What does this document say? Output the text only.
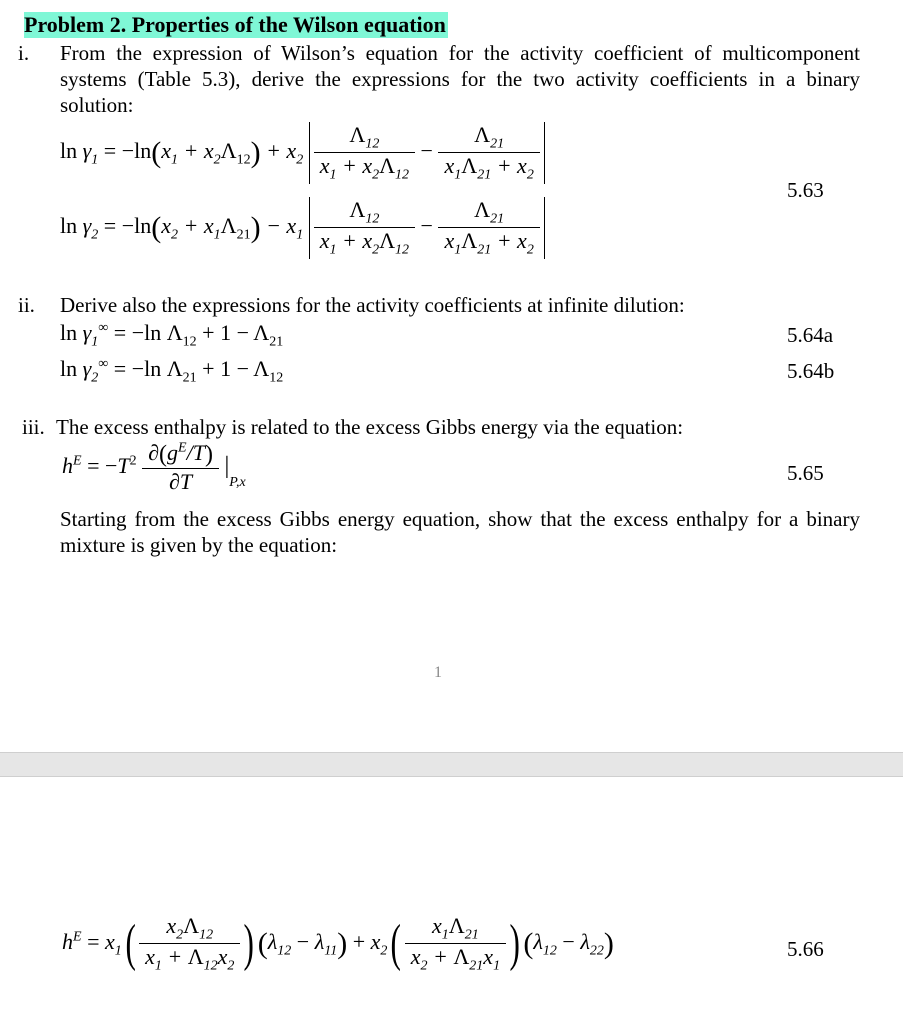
Problem 2. Properties of the Wilson equation
i. From the expression of Wilson’s equation for the activity coefficient of multicomponent systems (Table 5.3), derive the expressions for the two activity coefficients in a binary solution:
$\ln \gamma_1 = -\ln(x_1 + x_2\Lambda_{12}) + x_2 \frac{\Lambda_{12}}{x_1 + x_2\Lambda_{12}} - \frac{\Lambda_{21}}{x_1\Lambda_{21} + x_2}$
5.63
$\ln \gamma_2 = -\ln(x_2 + x_1\Lambda_{21}) - x_1 \frac{\Lambda_{12}}{x_1 + x_2\Lambda_{12}} - \frac{\Lambda_{21}}{x_1\Lambda_{21} + x_2}$
ii. Derive also the expressions for the activity coefficients at infinite dilution:
$\ln \gamma_1^\infty = -\ln$ $\Lambda_{12} + 1 - \Lambda_{21}$	5.64a
$\ln \gamma_2^\infty = -\ln$ $\Lambda_{21} + 1 - \Lambda_{12}$	5.64b
iii. The excess enthalpy is related to the excess Gibbs energy via the equation:
$h^E = -T^2 \frac{\partial(g^E/T)}{\partial T} |_{P,x}$	5.65
Starting from the excess Gibbs energy equation, show that the excess enthalpy for a binary mixture is given by the equation:
1
$h^E = x_1( \frac{x_2\Lambda_{12}}{x_1 + \Lambda_{12}x_2}$ ) $(\lambda_{12} - \lambda_{11}) + x_2( \frac{x_1\Lambda_{21}}{x_2 + \Lambda_{21}x_1}$ ) $(\lambda_{12} - \lambda_{22})$	5.66
